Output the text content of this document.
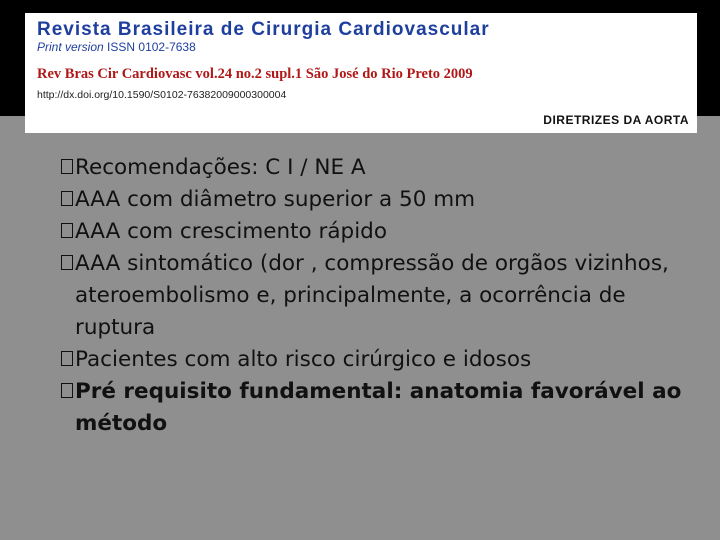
Revista Brasileira de Cirurgia Cardiovascular
Print version ISSN 0102-7638
Rev Bras Cir Cardiovasc vol.24 no.2 supl.1 São José do Rio Preto 2009
http://dx.doi.org/10.1590/S0102-76382009000300004
DIRETRIZES DA AORTA
Recomendações: C I / NE A
AAA com diâmetro superior a 50 mm
AAA com crescimento rápido
AAA sintomático (dor , compressão de orgãos vizinhos, ateroembolismo e, principalmente, a ocorrência de ruptura
Pacientes com alto risco cirúrgico e idosos
Pré requisito fundamental: anatomia favorável ao método
